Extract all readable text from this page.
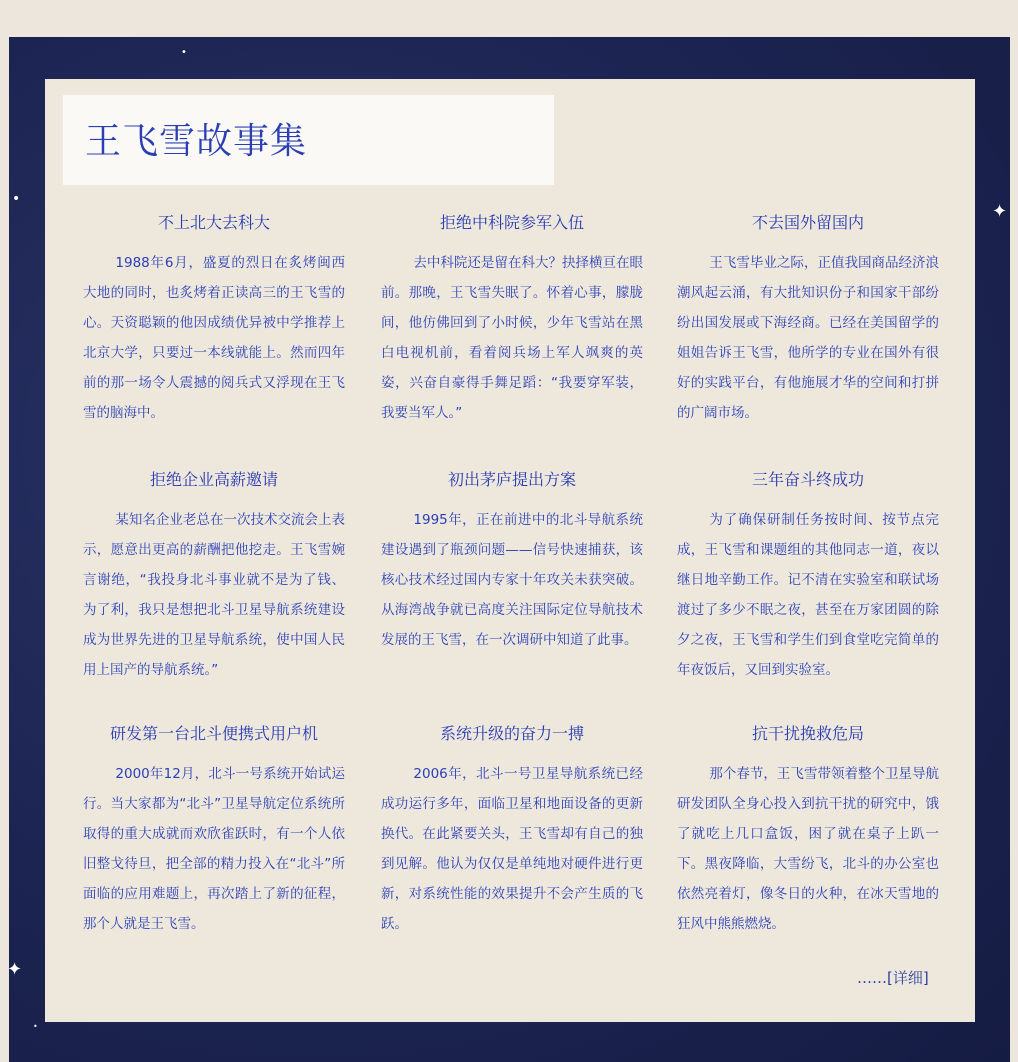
•
✦
✦
•
•
王飞雪故事集
不上北大去科大

1988年6月，盛夏的烈日在炙烤闽西大地的同时，也炙烤着正读高三的王飞雪的心。天资聪颖的他因成绩优异被中学推荐上北京大学，只要过一本线就能上。然而四年前的那一场令人震撼的阅兵式又浮现在王飞雪的脑海中。

拒绝中科院参军入伍

去中科院还是留在科大？抉择横亘在眼前。那晚，王飞雪失眠了。怀着心事，朦胧间，他仿佛回到了小时候，少年飞雪站在黑白电视机前，看着阅兵场上军人飒爽的英姿，兴奋自豪得手舞足蹈：“我要穿军装，我要当军人。”

不去国外留国内

王飞雪毕业之际，正值我国商品经济浪潮风起云涌，有大批知识份子和国家干部纷纷出国发展或下海经商。已经在美国留学的姐姐告诉王飞雪，他所学的专业在国外有很好的实践平台，有他施展才华的空间和打拼的广阔市场。

拒绝企业高薪邀请

某知名企业老总在一次技术交流会上表示，愿意出更高的薪酬把他挖走。王飞雪婉言谢绝，“我投身北斗事业就不是为了钱、为了利，我只是想把北斗卫星导航系统建设成为世界先进的卫星导航系统，使中国人民用上国产的导航系统。”

初出茅庐提出方案

1995年，正在前进中的北斗导航系统建设遇到了瓶颈问题——信号快速捕获，该核心技术经过国内专家十年攻关未获突破。从海湾战争就已高度关注国际定位导航技术发展的王飞雪，在一次调研中知道了此事。

三年奋斗终成功

为了确保研制任务按时间、按节点完成，王飞雪和课题组的其他同志一道，夜以继日地辛勤工作。记不清在实验室和联试场渡过了多少不眠之夜，甚至在万家团圆的除夕之夜，王飞雪和学生们到食堂吃完简单的年夜饭后，又回到实验室。

研发第一台北斗便携式用户机

2000年12月，北斗一号系统开始试运行。当大家都为“北斗”卫星导航定位系统所取得的重大成就而欢欣雀跃时，有一个人依旧整戈待旦，把全部的精力投入在“北斗”所面临的应用难题上，再次踏上了新的征程，那个人就是王飞雪。

系统升级的奋力一搏

2006年，北斗一号卫星导航系统已经成功运行多年，面临卫星和地面设备的更新换代。在此紧要关头，王飞雪却有自己的独到见解。他认为仅仅是单纯地对硬件进行更新，对系统性能的效果提升不会产生质的飞跃。

抗干扰挽救危局

那个春节，王飞雪带领着整个卫星导航研发团队全身心投入到抗干扰的研究中，饿了就吃上几口盒饭，困了就在桌子上趴一下。黑夜降临，大雪纷飞，北斗的办公室也依然亮着灯，像冬日的火种，在冰天雪地的狂风中熊熊燃烧。

……[详细]
